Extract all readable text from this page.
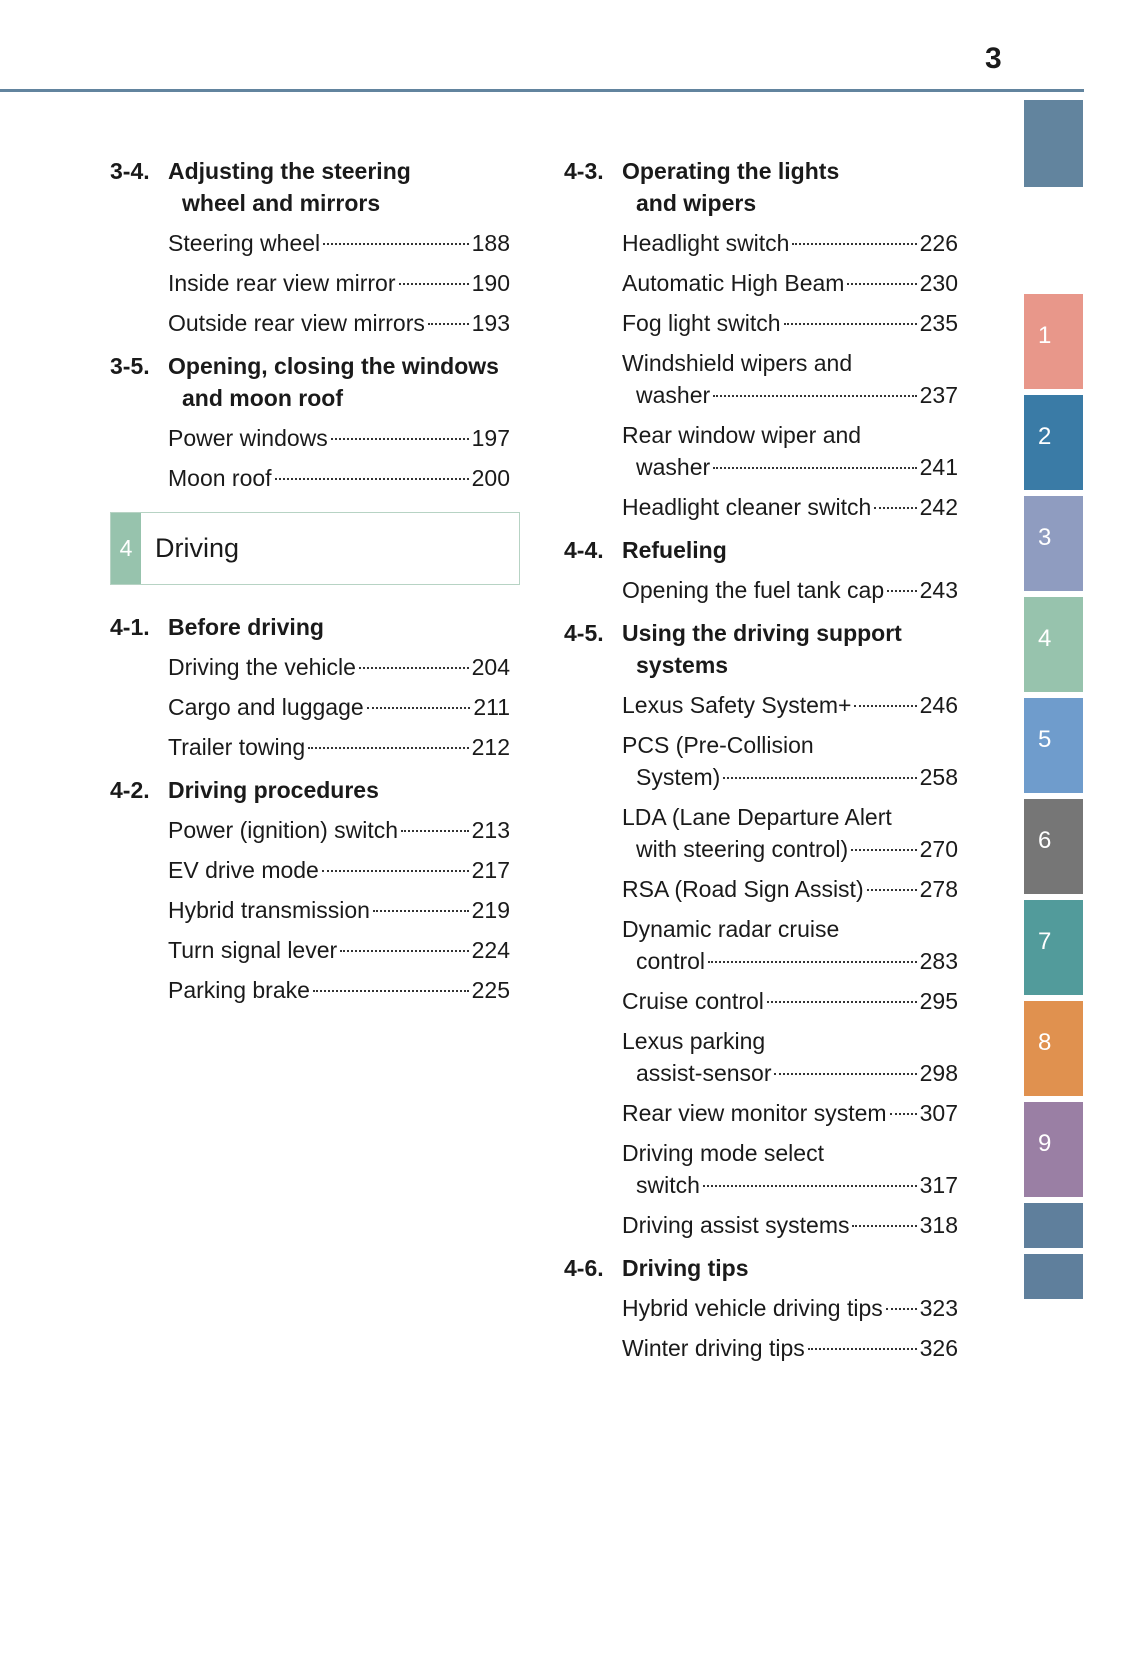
3
3-4. Adjusting the steering
wheel and mirrors
Steering wheel	188
Inside rear view mirror	190
Outside rear view mirrors 193
3-5. Opening, closing the windows
and moon roof
Power windows	197
Moon roof	200
4 Driving
4-1. Before driving
Driving the vehicle	204
Cargo and luggage	211
Trailer towing	212
4-2. Driving procedures
Power (ignition) switch	213
EV drive mode	217
Hybrid transmission	219
Turn signal lever	224
Parking brake	225
4-3. Operating the lights
and wipers
Headlight switch	226
Automatic High Beam	230
Fog light switch	235
Windshield wipers and
washer	237
Rear window wiper and
washer	241
Headlight cleaner switch 242
4-4. Refueling
Opening the fuel tank cap 243
4-5. Using the driving support
systems
Lexus Safety System+	246
PCS (Pre-Collision
System)	258
LDA (Lane Departure Alert
with steering control)	270
RSA (Road Sign Assist) 278
Dynamic radar cruise
control	283
Cruise control	295
Lexus parking
assist-sensor	298
Rear view monitor system 307
Driving mode select
switch	317
Driving assist systems	318
4-6. Driving tips
Hybrid vehicle driving tips 323
Winter driving tips	326
1
2
3
4
5
6
7
8
9
